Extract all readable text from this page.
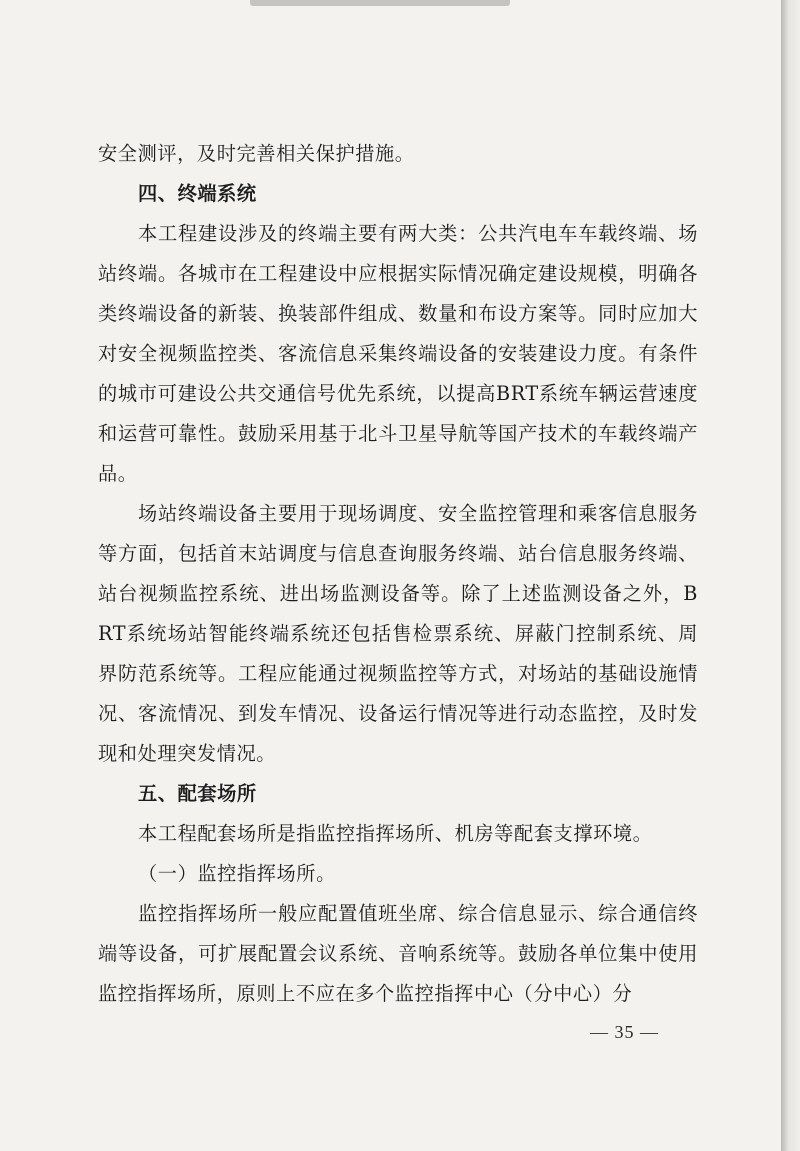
安全测评，及时完善相关保护措施。

四、终端系统

本工程建设涉及的终端主要有两大类：公共汽电车车载终端、场站终端。各城市在工程建设中应根据实际情况确定建设规模，明确各类终端设备的新装、换装部件组成、数量和布设方案等。同时应加大对安全视频监控类、客流信息采集终端设备的安装建设力度。有条件的城市可建设公共交通信号优先系统，以提高BRT系统车辆运营速度和运营可靠性。鼓励采用基于北斗卫星导航等国产技术的车载终端产品。

场站终端设备主要用于现场调度、安全监控管理和乘客信息服务等方面，包括首末站调度与信息查询服务终端、站台信息服务终端、站台视频监控系统、进出场监测设备等。除了上述监测设备之外，BRT系统场站智能终端系统还包括售检票系统、屏蔽门控制系统、周界防范系统等。工程应能通过视频监控等方式，对场站的基础设施情况、客流情况、到发车情况、设备运行情况等进行动态监控，及时发现和处理突发情况。

五、配套场所

本工程配套场所是指监控指挥场所、机房等配套支撑环境。

（一）监控指挥场所。

监控指挥场所一般应配置值班坐席、综合信息显示、综合通信终端等设备，可扩展配置会议系统、音响系统等。鼓励各单位集中使用监控指挥场所，原则上不应在多个监控指挥中心（分中心）分

— 35 —
